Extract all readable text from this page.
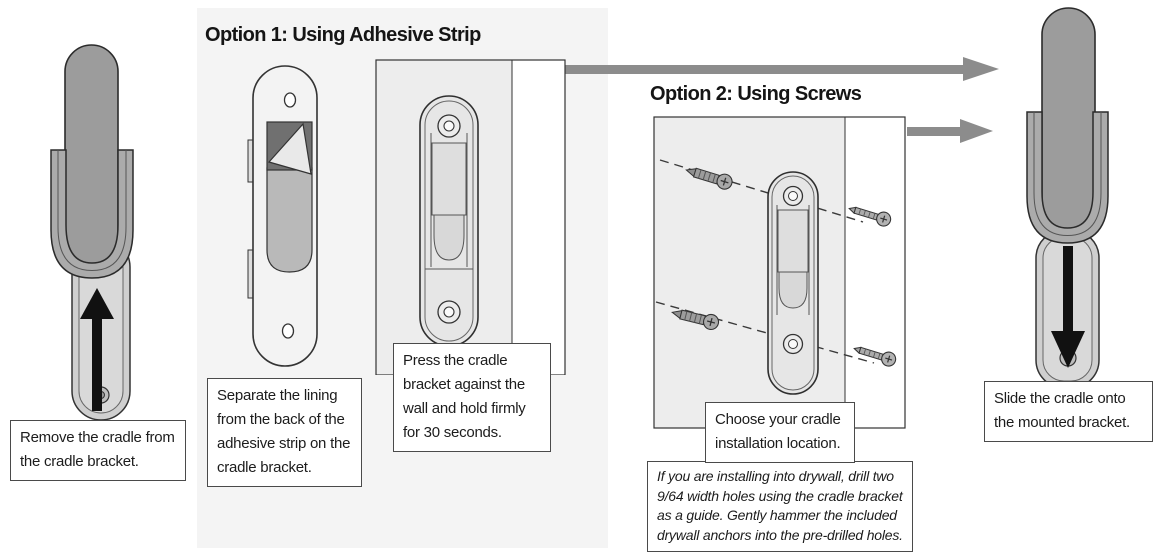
Option 1: Using Adhesive Strip
Option 2: Using Screws
Remove the cradle from the cradle bracket.
Separate the lining from the back of the adhesive strip on the cradle bracket.
Press the cradle bracket against the wall and hold firmly for 30 seconds.
Choose your cradle installation location.
If you are installing into drywall, drill two 9/64 width holes using the cradle bracket as a guide. Gently hammer the included drywall anchors into the pre-drilled holes.
Slide the cradle onto the mounted bracket.
